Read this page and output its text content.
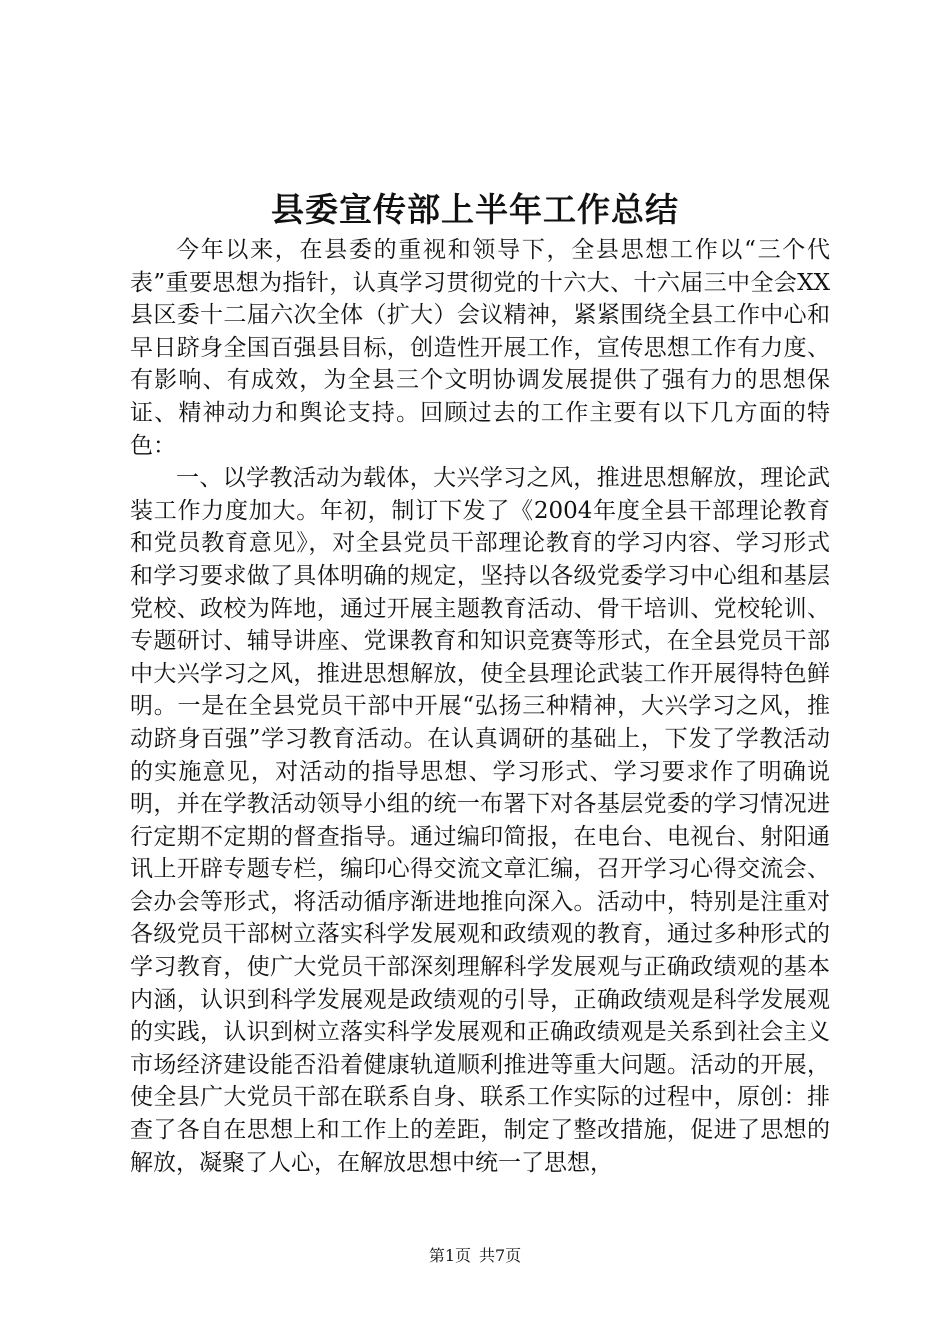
县委宣传部上半年工作总结

今年以来，在县委的重视和领导下，全县思想工作以“三个代表”重要思想为指针，认真学习贯彻党的十六大、十六届三中全会XX县区委十二届六次全体（扩大）会议精神，紧紧围绕全县工作中心和早日跻身全国百强县目标，创造性开展工作，宣传思想工作有力度、有影响、有成效，为全县三个文明协调发展提供了强有力的思想保证、精神动力和舆论支持。回顾过去的工作主要有以下几方面的特色：

一、以学教活动为载体，大兴学习之风，推进思想解放，理论武装工作力度加大。年初，制订下发了《2004年度全县干部理论教育和党员教育意见》，对全县党员干部理论教育的学习内容、学习形式和学习要求做了具体明确的规定，坚持以各级党委学习中心组和基层党校、政校为阵地，通过开展主题教育活动、骨干培训、党校轮训、专题研讨、辅导讲座、党课教育和知识竞赛等形式，在全县党员干部中大兴学习之风，推进思想解放，使全县理论武装工作开展得特色鲜明。一是在全县党员干部中开展“弘扬三种精神，大兴学习之风，推动跻身百强”学习教育活动。在认真调研的基础上，下发了学教活动的实施意见，对活动的指导思想、学习形式、学习要求作了明确说明，并在学教活动领导小组的统一布署下对各基层党委的学习情况进行定期不定期的督查指导。通过编印简报，在电台、电视台、射阳通讯上开辟专题专栏，编印心得交流文章汇编，召开学习心得交流会、会办会等形式，将活动循序渐进地推向深入。活动中，特别是注重对各级党员干部树立落实科学发展观和政绩观的教育，通过多种形式的学习教育，使广大党员干部深刻理解科学发展观与正确政绩观的基本内涵，认识到科学发展观是政绩观的引导，正确政绩观是科学发展观的实践，认识到树立落实科学发展观和正确政绩观是关系到社会主义市场经济建设能否沿着健康轨道顺利推进等重大问题。活动的开展，使全县广大党员干部在联系自身、联系工作实际的过程中，原创：排查了各自在思想上和工作上的差距，制定了整改措施，促进了思想的解放，凝聚了人心，在解放思想中统一了思想，

第1页 共7页
